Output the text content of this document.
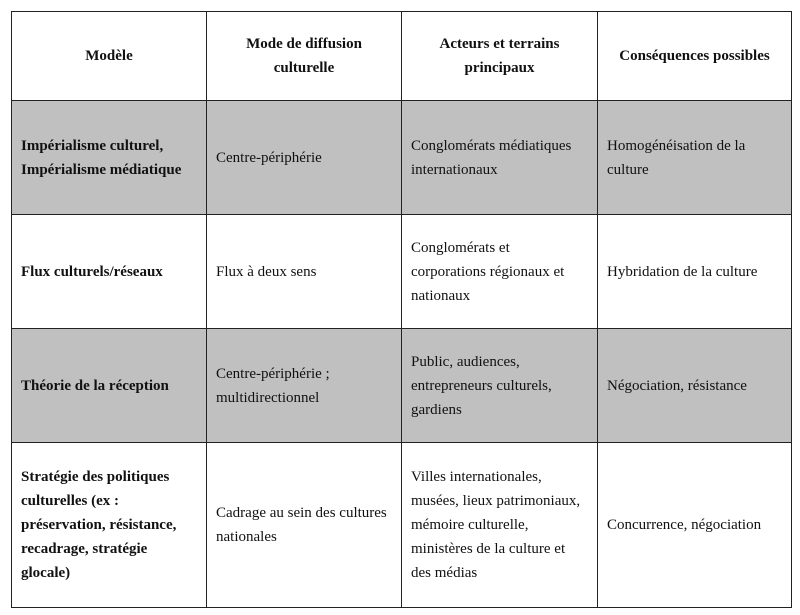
Modèle	Mode de diffusion culturelle	Acteurs et terrains principaux	Conséquences possibles
Impérialisme culturel, Impérialisme médiatique	Centre-périphérie	Conglomérats médiatiques internationaux	Homogénéisation de la culture
Flux culturels/réseaux	Flux à deux sens	Conglomérats et corporations régionaux et nationaux	Hybridation de la culture
Théorie de la réception	Centre-périphérie ; multidirectionnel	Public, audiences, entrepreneurs culturels, gardiens	Négociation, résistance
Stratégie des politiques culturelles (ex : préservation, résistance, recadrage, stratégie glocale)	Cadrage au sein des cultures nationales	Villes internationales, musées, lieux patrimoniaux, mémoire culturelle, ministères de la culture et des médias	Concurrence, négociation
